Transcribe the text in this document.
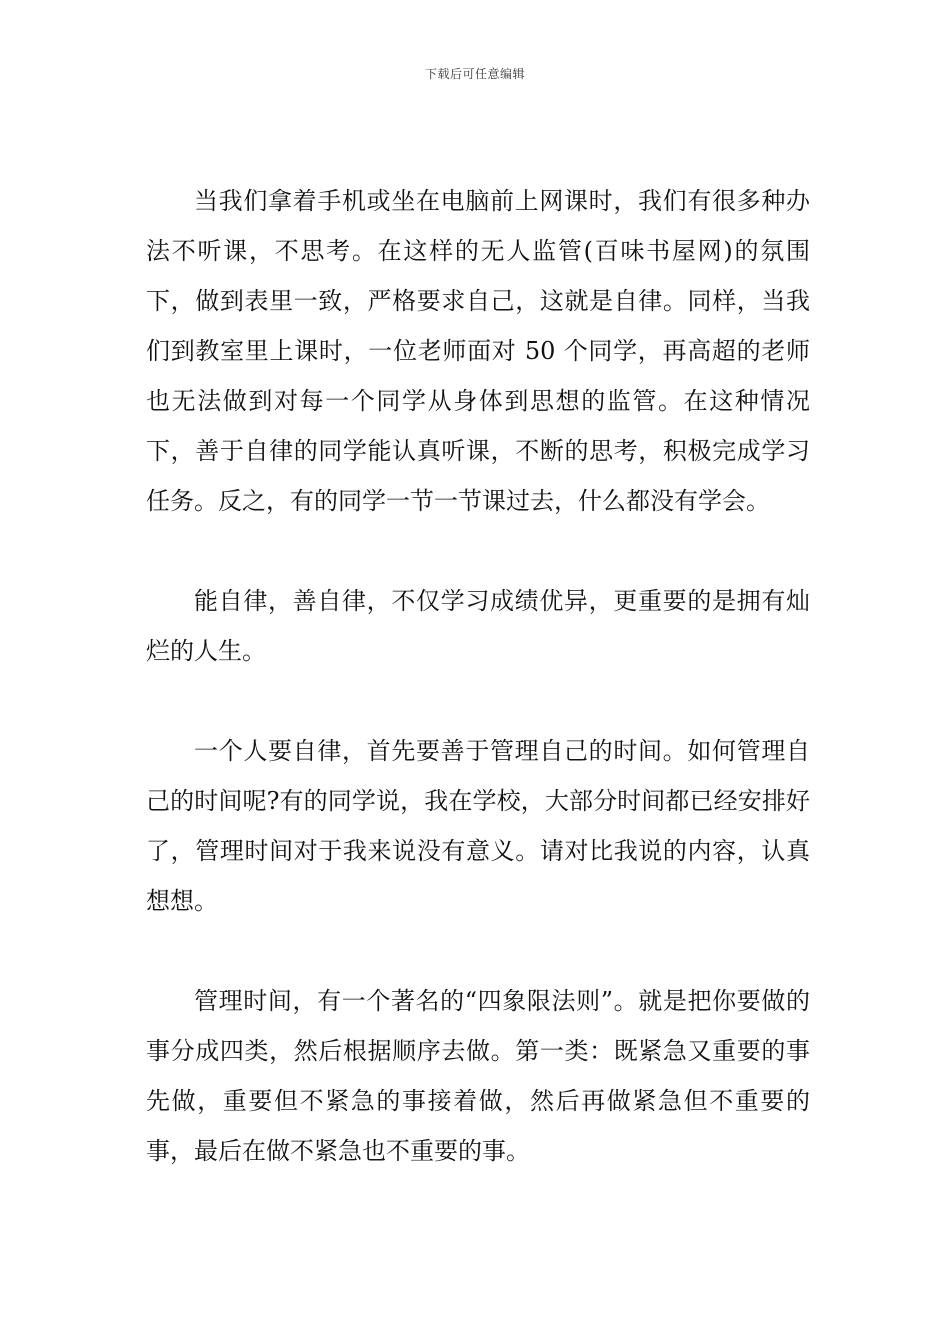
下载后可任意编辑

当我们拿着手机或坐在电脑前上网课时，我们有很多种办法不听课，不思考。在这样的无人监管(百味书屋网)的氛围下，做到表里一致，严格要求自己，这就是自律。同样，当我们到教室里上课时，一位老师面对 50 个同学，再高超的老师也无法做到对每一个同学从身体到思想的监管。在这种情况下，善于自律的同学能认真听课，不断的思考，积极完成学习任务。反之，有的同学一节一节课过去，什么都没有学会。

能自律，善自律，不仅学习成绩优异，更重要的是拥有灿烂的人生。

一个人要自律，首先要善于管理自己的时间。如何管理自己的时间呢?有的同学说，我在学校，大部分时间都已经安排好了，管理时间对于我来说没有意义。请对比我说的内容，认真想想。

管理时间，有一个著名的“四象限法则”。就是把你要做的事分成四类，然后根据顺序去做。第一类：既紧急又重要的事先做，重要但不紧急的事接着做，然后再做紧急但不重要的事，最后在做不紧急也不重要的事。
